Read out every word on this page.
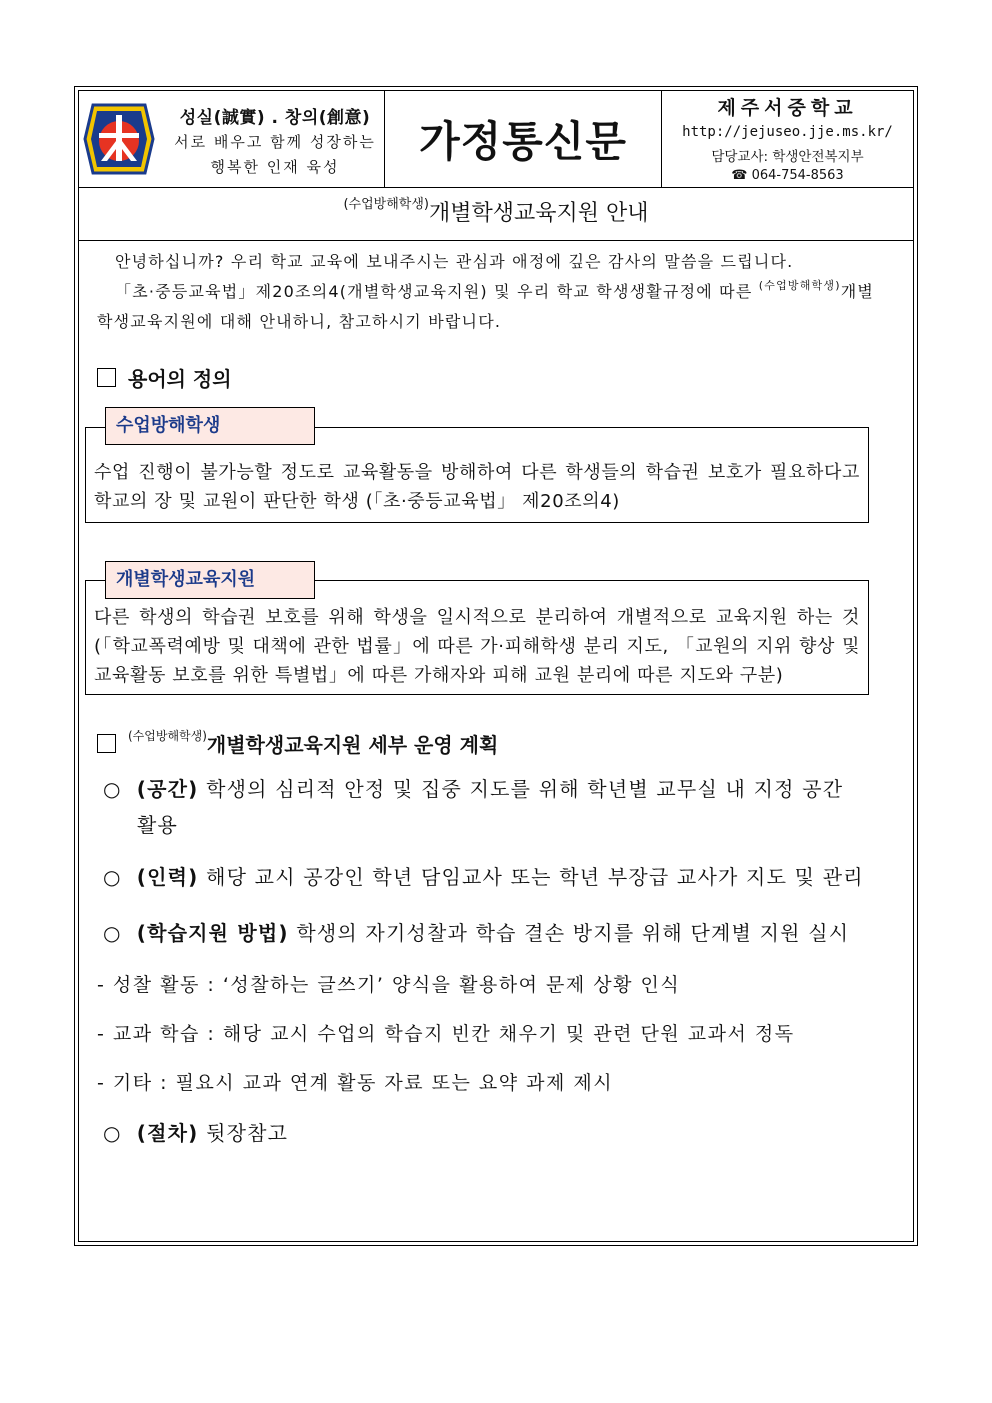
성실(誠實) . 창의(創意)
서로 배우고 함께 성장하는
행복한 인재 육성
가정통신문
제주서중학교
http://jejuseo.jje.ms.kr/
담당교사: 학생안전복지부
☎ 064-754-8563
$^{(수업방해학생)}$개별학생교육지원 안내

안녕하십니까? 우리 학교 교육에 보내주시는 관심과 애정에 깊은 감사의 말씀을 드립니다.

「초·중등교육법」제20조의4(개별학생교육지원) 및 우리 학교 학생생활규정에 따른 $^{(수업방해학생)}$개별

학생교육지원에 대해 안내하니, 참고하시기 바랍니다.

용어의 정의
수업 진행이 불가능할 정도로 교육활동을 방해하여 다른 학생들의 학습권 보호가 필요하다고 학교의 장 및 교원이 판단한 학생 (「초·중등교육법」 제20조의4)
수업방해학생
다른 학생의 학습권 보호를 위해 학생을 일시적으로 분리하여 개별적으로 교육지원 하는 것(「학교폭력예방 및 대책에 관한 법률」에 따른 가·피해학생 분리 지도, 「교원의 지위 향상 및 교육활동 보호를 위한 특별법」에 따른 가해자와 피해 교원 분리에 따른 지도와 구분)
개별학생교육지원
(수업방해학생) 개별학생교육지원 세부 운영 계획
○ (공간) 학생의 심리적 안정 및 집중 지도를 위해 학년별 교무실 내 지정 공간
활용
○ (인력) 해당 교시 공강인 학년 담임교사 또는 학년 부장급 교사가 지도 및 관리
○ (학습지원 방법) 학생의 자기성찰과 학습 결손 방지를 위해 단계별 지원 실시
- 성찰 활동 : ‘성찰하는 글쓰기’ 양식을 활용하여 문제 상황 인식
- 교과 학습 : 해당 교시 수업의 학습지 빈칸 채우기 및 관련 단원 교과서 정독
- 기타 : 필요시 교과 연계 활동 자료 또는 요약 과제 제시
○ (절차) 뒷장참고
